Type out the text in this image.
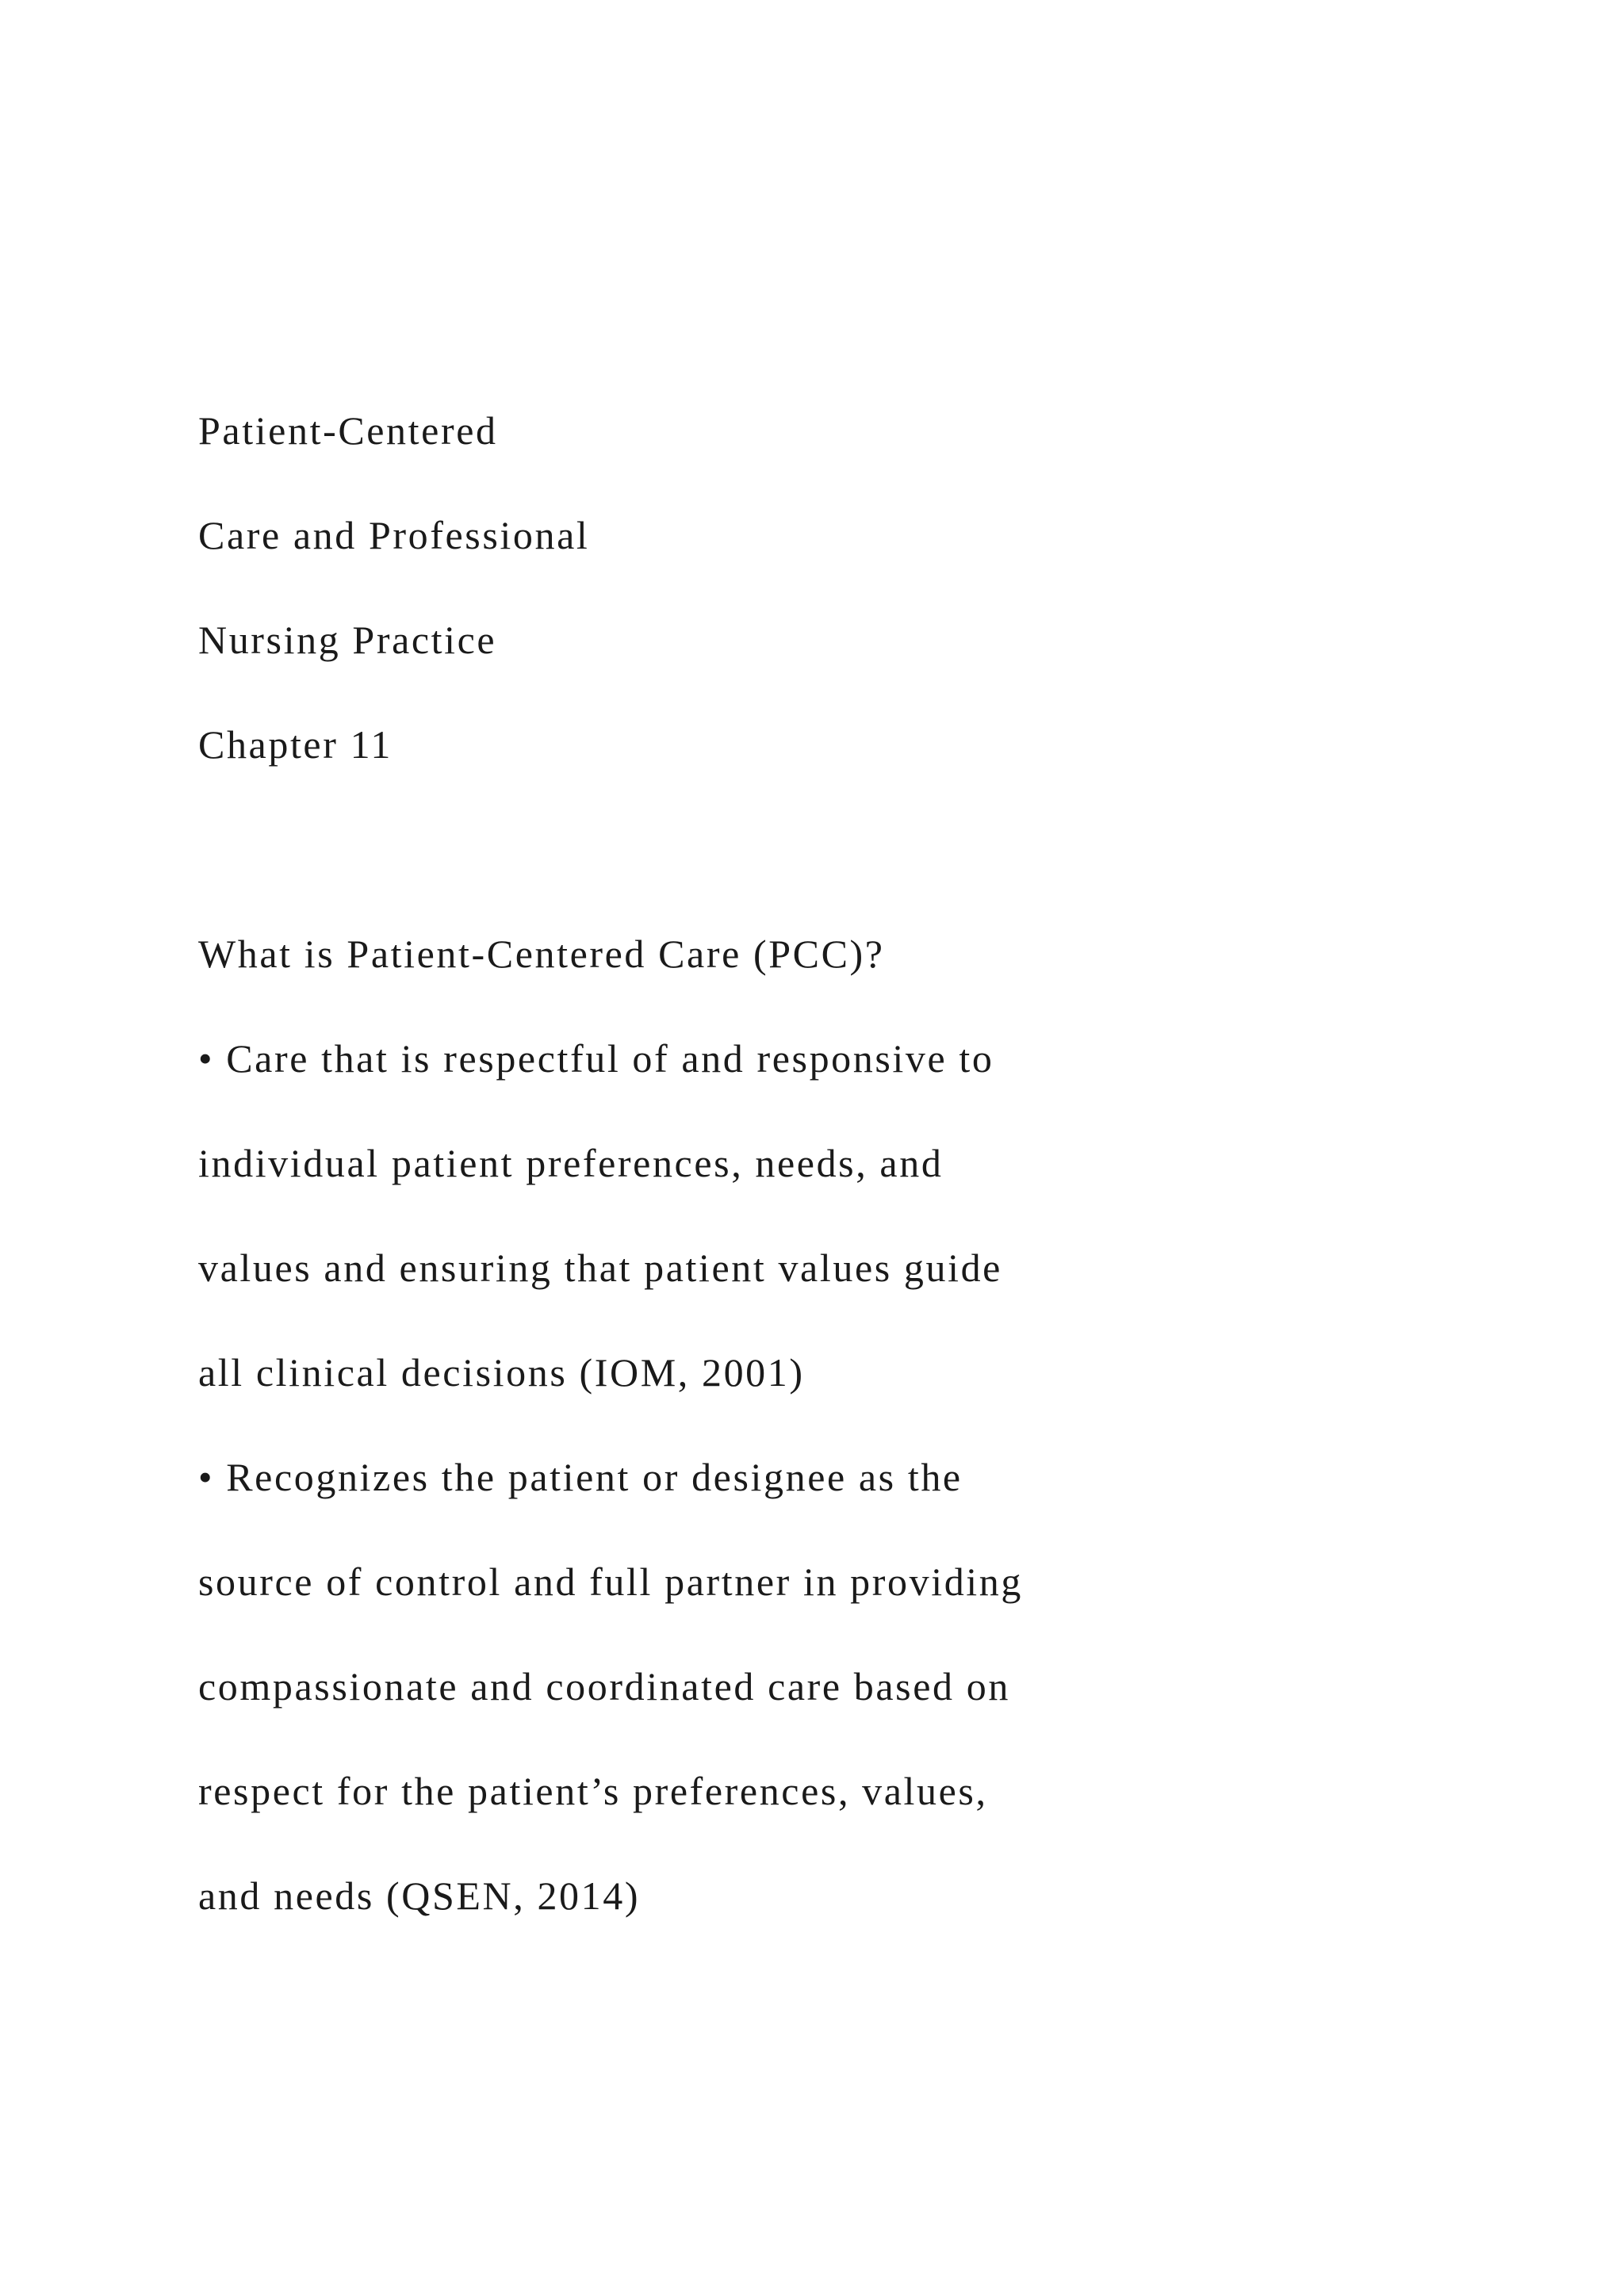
Patient-Centered

Care and Professional

Nursing Practice

Chapter 11

What is Patient-Centered Care (PCC)?

• Care that is respectful of and responsive to

individual patient preferences, needs, and

values and ensuring that patient values guide

all clinical decisions (IOM, 2001)

• Recognizes the patient or designee as the

source of control and full partner in providing

compassionate and coordinated care based on

respect for the patient’s preferences, values,

and needs (QSEN, 2014)
